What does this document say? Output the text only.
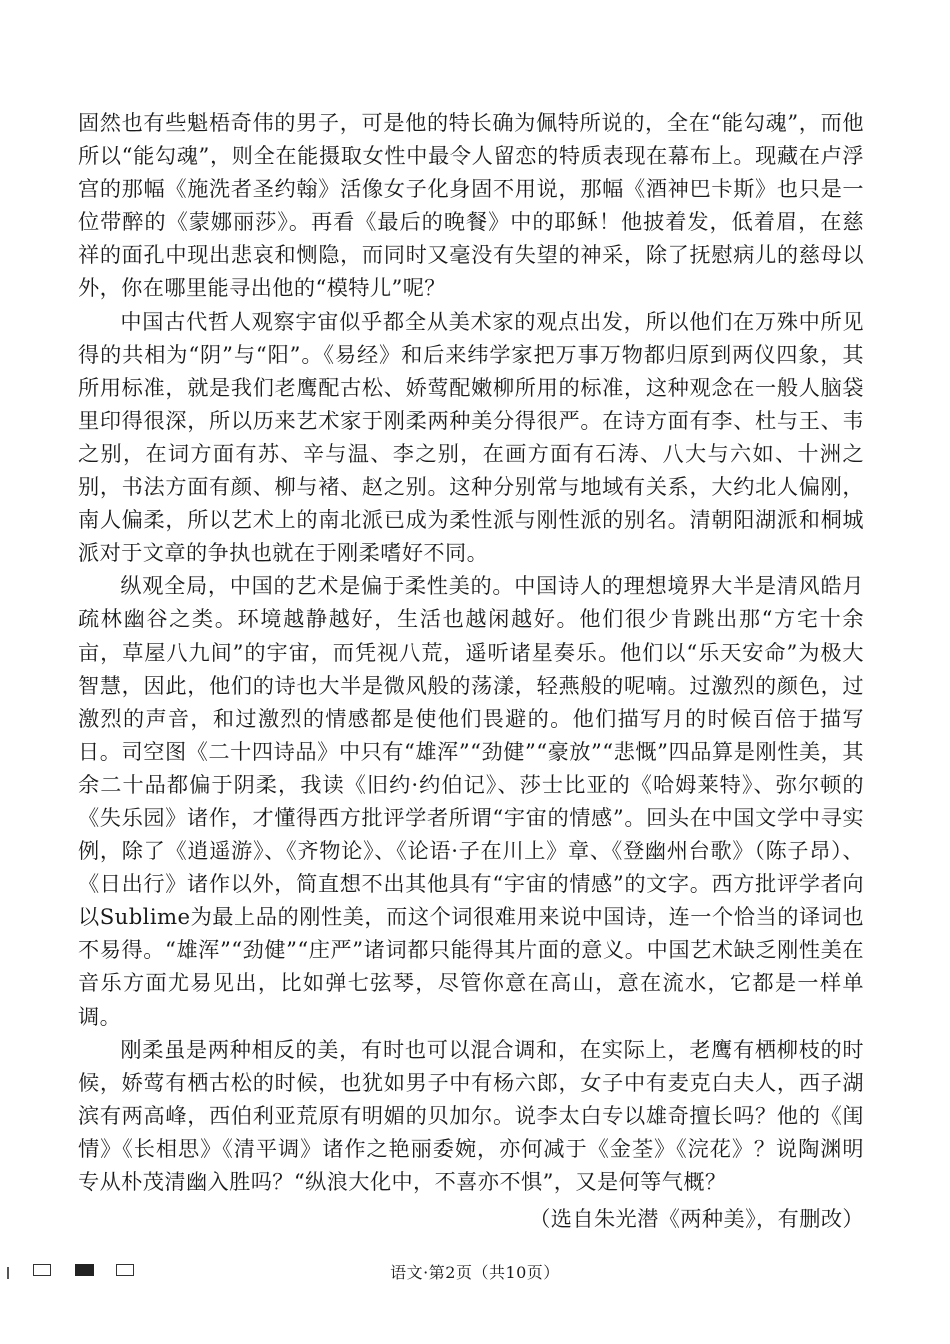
固然也有些魁梧奇伟的男子，可是他的特长确为佩特所说的，全在“能勾魂”，而他所以“能勾魂”，则全在能摄取女性中最令人留恋的特质表现在幕布上。现藏在卢浮宫的那幅《施洗者圣约翰》活像女子化身固不用说，那幅《酒神巴卡斯》也只是一位带醉的《蒙娜丽莎》。再看《最后的晚餐》中的耶稣！他披着发，低着眉，在慈祥的面孔中现出悲哀和恻隐，而同时又毫没有失望的神采，除了抚慰病儿的慈母以外，你在哪里能寻出他的“模特儿”呢？

中国古代哲人观察宇宙似乎都全从美术家的观点出发，所以他们在万殊中所见得的共相为“阴”与“阳”。《易经》和后来纬学家把万事万物都归原到两仪四象，其所用标准，就是我们老鹰配古松、娇莺配嫩柳所用的标准，这种观念在一般人脑袋里印得很深，所以历来艺术家于刚柔两种美分得很严。在诗方面有李、杜与王、韦之别，在词方面有苏、辛与温、李之别，在画方面有石涛、八大与六如、十洲之别，书法方面有颜、柳与褚、赵之别。这种分别常与地域有关系，大约北人偏刚，南人偏柔，所以艺术上的南北派已成为柔性派与刚性派的别名。清朝阳湖派和桐城派对于文章的争执也就在于刚柔嗜好不同。

纵观全局，中国的艺术是偏于柔性美的。中国诗人的理想境界大半是清风皓月疏林幽谷之类。环境越静越好，生活也越闲越好。他们很少肯跳出那“方宅十余亩，草屋八九间”的宇宙，而凭视八荒，遥听诸星奏乐。他们以“乐天安命”为极大智慧，因此，他们的诗也大半是微风般的荡漾，轻燕般的呢喃。过激烈的颜色，过激烈的声音，和过激烈的情感都是使他们畏避的。他们描写月的时候百倍于描写日。司空图《二十四诗品》中只有“雄浑”“劲健”“豪放”“悲慨”四品算是刚性美，其余二十品都偏于阴柔，我读《旧约·约伯记》、莎士比亚的《哈姆莱特》、弥尔顿的《失乐园》诸作，才懂得西方批评学者所谓“宇宙的情感”。回头在中国文学中寻实例，除了《逍遥游》、《齐物论》、《论语·子在川上》章、《登幽州台歌》（陈子昂）、《日出行》诸作以外，简直想不出其他具有“宇宙的情感”的文字。西方批评学者向以Sublime为最上品的刚性美，而这个词很难用来说中国诗，连一个恰当的译词也不易得。“雄浑”“劲健”“庄严”诸词都只能得其片面的意义。中国艺术缺乏刚性美在音乐方面尤易见出，比如弹七弦琴，尽管你意在高山，意在流水，它都是一样单调。

刚柔虽是两种相反的美，有时也可以混合调和，在实际上，老鹰有栖柳枝的时候，娇莺有栖古松的时候，也犹如男子中有杨六郎，女子中有麦克白夫人，西子湖滨有两高峰，西伯利亚荒原有明媚的贝加尔。说李太白专以雄奇擅长吗？他的《闺情》《长相思》《清平调》诸作之艳丽委婉，亦何减于《金荃》《浣花》？说陶渊明专从朴茂清幽入胜吗？“纵浪大化中，不喜亦不惧”，又是何等气概？

（选自朱光潜《两种美》，有删改）

语文·第2页（共10页）
